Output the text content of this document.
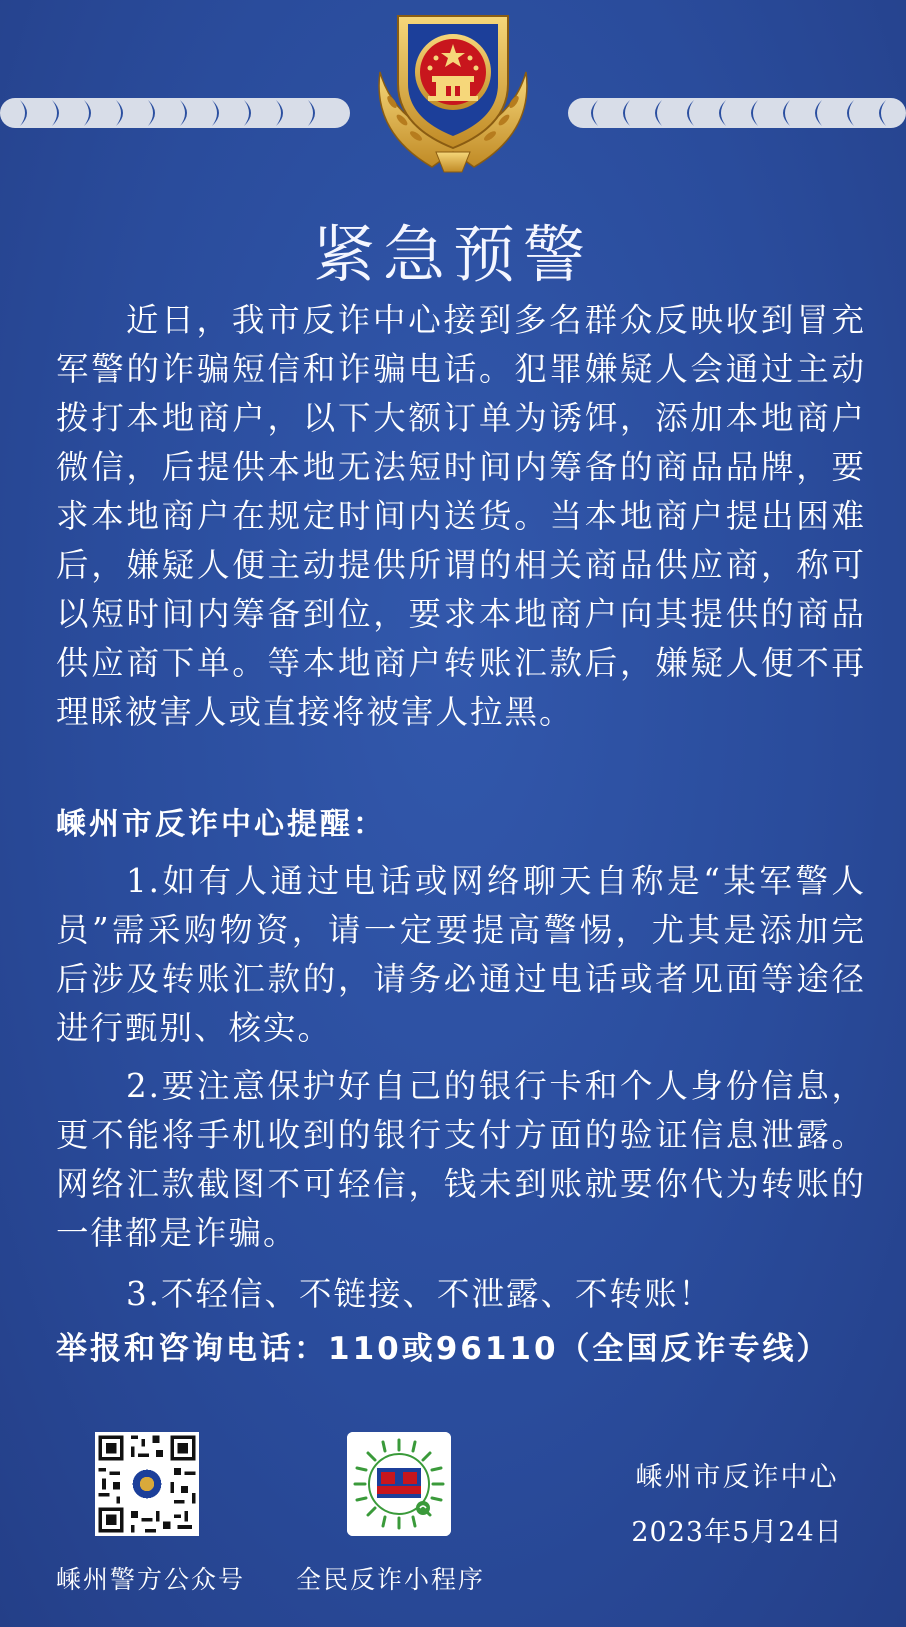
紧急预警

近日，我市反诈中心接到多名群众反映收到冒充军警的诈骗短信和诈骗电话。犯罪嫌疑人会通过主动拨打本地商户，以下大额订单为诱饵，添加本地商户微信，后提供本地无法短时间内筹备的商品品牌，要求本地商户在规定时间内送货。当本地商户提出困难后，嫌疑人便主动提供所谓的相关商品供应商，称可以短时间内筹备到位，要求本地商户向其提供的商品供应商下单。等本地商户转账汇款后，嫌疑人便不再理睬被害人或直接将被害人拉黑。

嵊州市反诈中心提醒：

1.如有人通过电话或网络聊天自称是“某军警人员”需采购物资，请一定要提高警惕，尤其是添加完后涉及转账汇款的，请务必通过电话或者见面等途径进行甄别、核实。

2.要注意保护好自己的银行卡和个人身份信息，更不能将手机收到的银行支付方面的验证信息泄露。网络汇款截图不可轻信，钱未到账就要你代为转账的一律都是诈骗。

3.不轻信、不链接、不泄露、不转账！

举报和咨询电话：110或96110（全国反诈专线）
嵊州警方公众号 全民反诈小程序
嵊州市反诈中心
2023年5月24日
